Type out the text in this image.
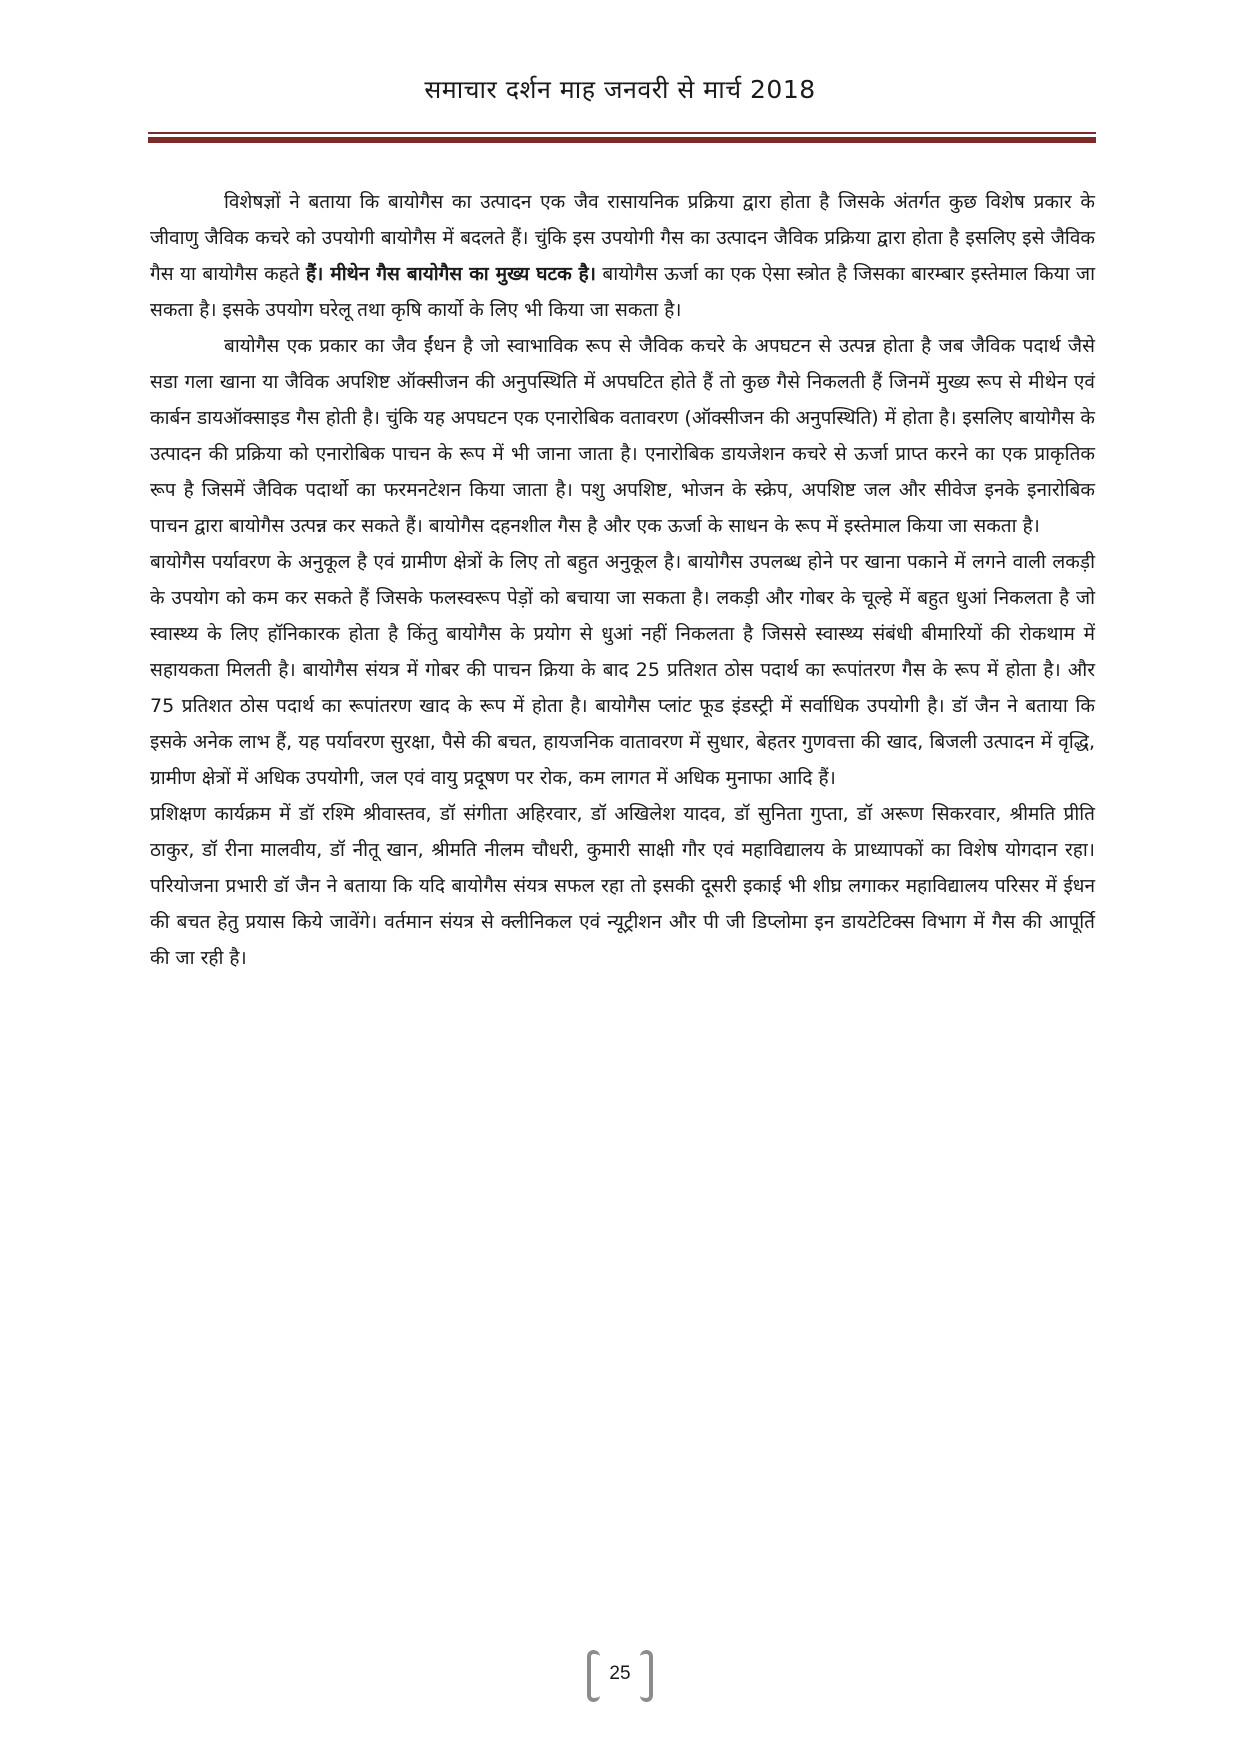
समाचार दर्शन माह जनवरी से मार्च 2018

विशेषज्ञों ने बताया कि बायोगैस का उत्पादन एक जैव रासायनिक प्रक्रिया द्वारा होता है जिसके अंतर्गत कुछ विशेष प्रकार के जीवाणु जैविक कचरे को उपयोगी बायोगैस में बदलते हैं। चुंकि इस उपयोगी गैस का उत्पादन जैविक प्रक्रिया द्वारा होता है इसलिए इसे जैविक गैस या बायोगैस कहते हैं। मीथेन गैस बायोगैस का मुख्य घटक है। बायोगैस ऊर्जा का एक ऐसा स्त्रोत है जिसका बारम्बार इस्तेमाल किया जा सकता है। इसके उपयोग घरेलू तथा कृषि कार्यो के लिए भी किया जा सकता है।

बायोगैस एक प्रकार का जैव ईंधन है जो स्वाभाविक रूप से जैविक कचरे के अपघटन से उत्पन्न होता है जब जैविक पदार्थ जैसे सडा गला खाना या जैविक अपशिष्ट ऑक्सीजन की अनुपस्थिति में अपघटित होते हैं तो कुछ गैसे निकलती हैं जिनमें मुख्य रूप से मीथेन एवं कार्बन डायऑक्साइड गैस होती है। चुंकि यह अपघटन एक एनारोबिक वतावरण (ऑक्सीजन की अनुपस्थिति) में होता है। इसलिए बायोगैस के उत्पादन की प्रक्रिया को एनारोबिक पाचन के रूप में भी जाना जाता है। एनारोबिक डायजेशन कचरे से ऊर्जा प्राप्त करने का एक प्राकृतिक रूप है जिसमें जैविक पदार्थो का फरमनटेशन किया जाता है। पशु अपशिष्ट, भोजन के स्क्रेप, अपशिष्ट जल और सीवेज इनके इनारोबिक पाचन द्वारा बायोगैस उत्पन्न कर सकते हैं। बायोगैस दहनशील गैस है और एक ऊर्जा के साधन के रूप में इस्तेमाल किया जा सकता है।

बायोगैस पर्यावरण के अनुकूल है एवं ग्रामीण क्षेत्रों के लिए तो बहुत अनुकूल है। बायोगैस उपलब्ध होने पर खाना पकाने में लगने वाली लकड़ी के उपयोग को कम कर सकते हैं जिसके फलस्वरूप पेड़ों को बचाया जा सकता है। लकड़ी और गोबर के चूल्हे में बहुत धुआं निकलता है जो स्वास्थ्य के लिए हॉनिकारक होता है किंतु बायोगैस के प्रयोग से धुआं नहीं निकलता है जिससे स्वास्थ्य संबंधी बीमारियों की रोकथाम में सहायकता मिलती है। बायोगैस संयत्र में गोबर की पाचन क्रिया के बाद 25 प्रतिशत ठोस पदार्थ का रूपांतरण गैस के रूप में होता है। और 75 प्रतिशत ठोस पदार्थ का रूपांतरण खाद के रूप में होता है। बायोगैस प्लांट फूड इंडस्ट्री में सर्वाधिक उपयोगी है। डॉ जैन ने बताया कि इसके अनेक लाभ हैं, यह पर्यावरण सुरक्षा, पैसे की बचत, हायजनिक वातावरण में सुधार, बेहतर गुणवत्ता की खाद, बिजली उत्पादन में वृद्धि, ग्रामीण क्षेत्रों में अधिक उपयोगी, जल एवं वायु प्रदूषण पर रोक, कम लागत में अधिक मुनाफा आदि हैं।

प्रशिक्षण कार्यक्रम में डॉ रश्मि श्रीवास्तव, डॉ संगीता अहिरवार, डॉ अखिलेश यादव, डॉ सुनिता गुप्ता, डॉ अरूण सिकरवार, श्रीमति प्रीति ठाकुर, डॉ रीना मालवीय, डॉ नीतू खान, श्रीमति नीलम चौधरी, कुमारी साक्षी गौर एवं महाविद्यालय के प्राध्यापकों का विशेष योगदान रहा। परियोजना प्रभारी डॉ जैन ने बताया कि यदि बायोगैस संयत्र सफल रहा तो इसकी दूसरी इकाई भी शीघ्र लगाकर महाविद्यालय परिसर में ईधन की बचत हेतु प्रयास किये जावेंगे। वर्तमान संयत्र से क्लीनिकल एवं न्यूट्रीशन और पी जी डिप्लोमा इन डायटेटिक्स विभाग में गैस की आपूर्ति की जा रही है।

25
